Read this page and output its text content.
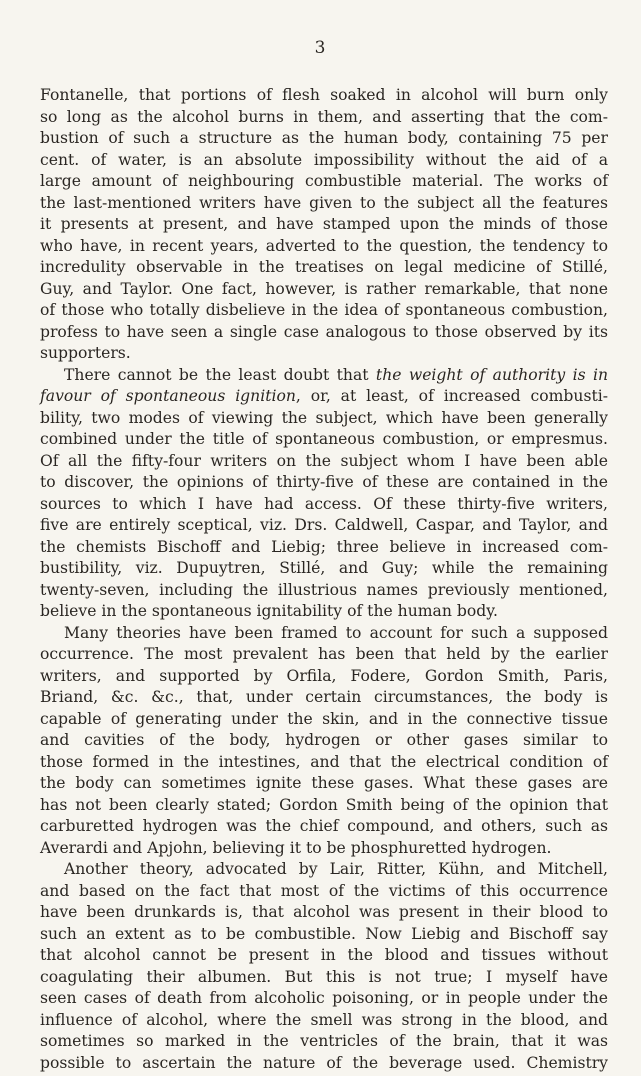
3
Fontanelle, that portions of flesh soaked in alcohol will burn only
so long as the alcohol burns in them, and asserting that the com-
bustion of such a structure as the human body, containing 75 per
cent. of water, is an absolute impossibility without the aid of a
large amount of neighbouring combustible material. The works of
the last-mentioned writers have given to the subject all the features
it presents at present, and have stamped upon the minds of those
who have, in recent years, adverted to the question, the tendency to
incredulity observable in the treatises on legal medicine of Stillé,
Guy, and Taylor. One fact, however, is rather remarkable, that none
of those who totally disbelieve in the idea of spontaneous combustion,
profess to have seen a single case analogous to those observed by its
supporters.
There cannot be the least doubt that the weight of authority is in
favour of spontaneous ignition, or, at least, of increased combusti-
bility, two modes of viewing the subject, which have been generally
combined under the title of spontaneous combustion, or empresmus.
Of all the fifty-four writers on the subject whom I have been able
to discover, the opinions of thirty-five of these are contained in the
sources to which I have had access. Of these thirty-five writers,
five are entirely sceptical, viz. Drs. Caldwell, Caspar, and Taylor, and
the chemists Bischoff and Liebig; three believe in increased com-
bustibility, viz. Dupuytren, Stillé, and Guy; while the remaining
twenty-seven, including the illustrious names previously mentioned,
believe in the spontaneous ignitability of the human body.
Many theories have been framed to account for such a supposed
occurrence. The most prevalent has been that held by the earlier
writers, and supported by Orfila, Fodere, Gordon Smith, Paris,
Briand, &c. &c., that, under certain circumstances, the body is
capable of generating under the skin, and in the connective tissue
and cavities of the body, hydrogen or other gases similar to
those formed in the intestines, and that the electrical condition of
the body can sometimes ignite these gases. What these gases are
has not been clearly stated; Gordon Smith being of the opinion that
carburetted hydrogen was the chief compound, and others, such as
Averardi and Apjohn, believing it to be phosphuretted hydrogen.
Another theory, advocated by Lair, Ritter, Kühn, and Mitchell,
and based on the fact that most of the victims of this occurrence
have been drunkards is, that alcohol was present in their blood to
such an extent as to be combustible. Now Liebig and Bischoff say
that alcohol cannot be present in the blood and tissues without
coagulating their albumen. But this is not true; I myself have
seen cases of death from alcoholic poisoning, or in people under the
influence of alcohol, where the smell was strong in the blood, and
sometimes so marked in the ventricles of the brain, that it was
possible to ascertain the nature of the beverage used. Chemistry
